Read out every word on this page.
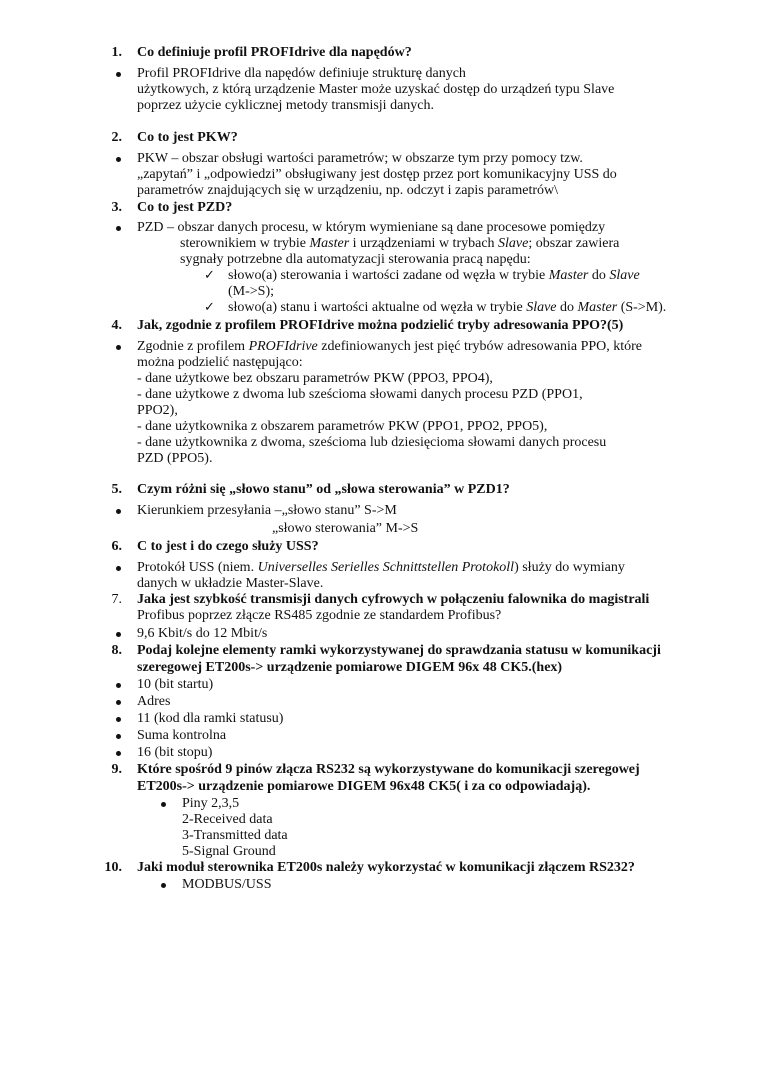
1. Co definiuje profil PROFIdrive dla napędów?
Profil PROFIdrive dla napędów definiuje strukturę danych
użytkowych, z którą urządzenie Master może uzyskać dostęp do urządzeń typu Slave
poprzez użycie cyklicznej metody transmisji danych.
2. Co to jest PKW?
PKW – obszar obsługi wartości parametrów; w obszarze tym przy pomocy tzw.
„zapytań” i „odpowiedzi” obsługiwany jest dostęp przez port komunikacyjny USS do
parametrów znajdujących się w urządzeniu, np. odczyt i zapis parametrów\
3. Co to jest PZD?
PZD – obszar danych procesu, w którym wymieniane są dane procesowe pomiędzy
sterownikiem w trybie Master i urządzeniami w trybach Slave; obszar zawiera
sygnały potrzebne dla automatyzacji sterowania pracą napędu:
✓ słowo(a) sterowania i wartości zadane od węzła w trybie Master do Slave
(M->S);
✓ słowo(a) stanu i wartości aktualne od węzła w trybie Slave do Master (S->M).
4. Jak, zgodnie z profilem PROFIdrive można podzielić tryby adresowania PPO?(5)
Zgodnie z profilem PROFIdrive zdefiniowanych jest pięć trybów adresowania PPO, które
można podzielić następująco:
- dane użytkowe bez obszaru parametrów PKW (PPO3, PPO4),
- dane użytkowe z dwoma lub sześcioma słowami danych procesu PZD (PPO1,
PPO2),
- dane użytkownika z obszarem parametrów PKW (PPO1, PPO2, PPO5),
- dane użytkownika z dwoma, sześcioma lub dziesięcioma słowami danych procesu
PZD (PPO5).
5. Czym różni się „słowo stanu” od „słowa sterowania” w PZD1?
Kierunkiem przesyłania –„słowo stanu” S->M
„słowo sterowania” M->S
6. C to jest i do czego służy USS?
Protokół USS (niem. Universelles Serielles Schnittstellen Protokoll) służy do wymiany
danych w układzie Master-Slave.
7. Jaka jest szybkość transmisji danych cyfrowych w połączeniu falownika do magistrali
Profibus poprzez złącze RS485 zgodnie ze standardem Profibus?
9,6 Kbit/s do 12 Mbit/s
8. Podaj kolejne elementy ramki wykorzystywanej do sprawdzania statusu w komunikacji
szeregowej ET200s-> urządzenie pomiarowe DIGEM 96x 48 CK5.(hex)
10 (bit startu)
Adres
11 (kod dla ramki statusu)
Suma kontrolna
16 (bit stopu)
9. Które spośród 9 pinów złącza RS232 są wykorzystywane do komunikacji szeregowej
ET200s-> urządzenie pomiarowe DIGEM 96x48 CK5( i za co odpowiadają).
Piny 2,3,5
2-Received data
3-Transmitted data
5-Signal Ground
10. Jaki moduł sterownika ET200s należy wykorzystać w komunikacji złączem RS232?
MODBUS/USS
